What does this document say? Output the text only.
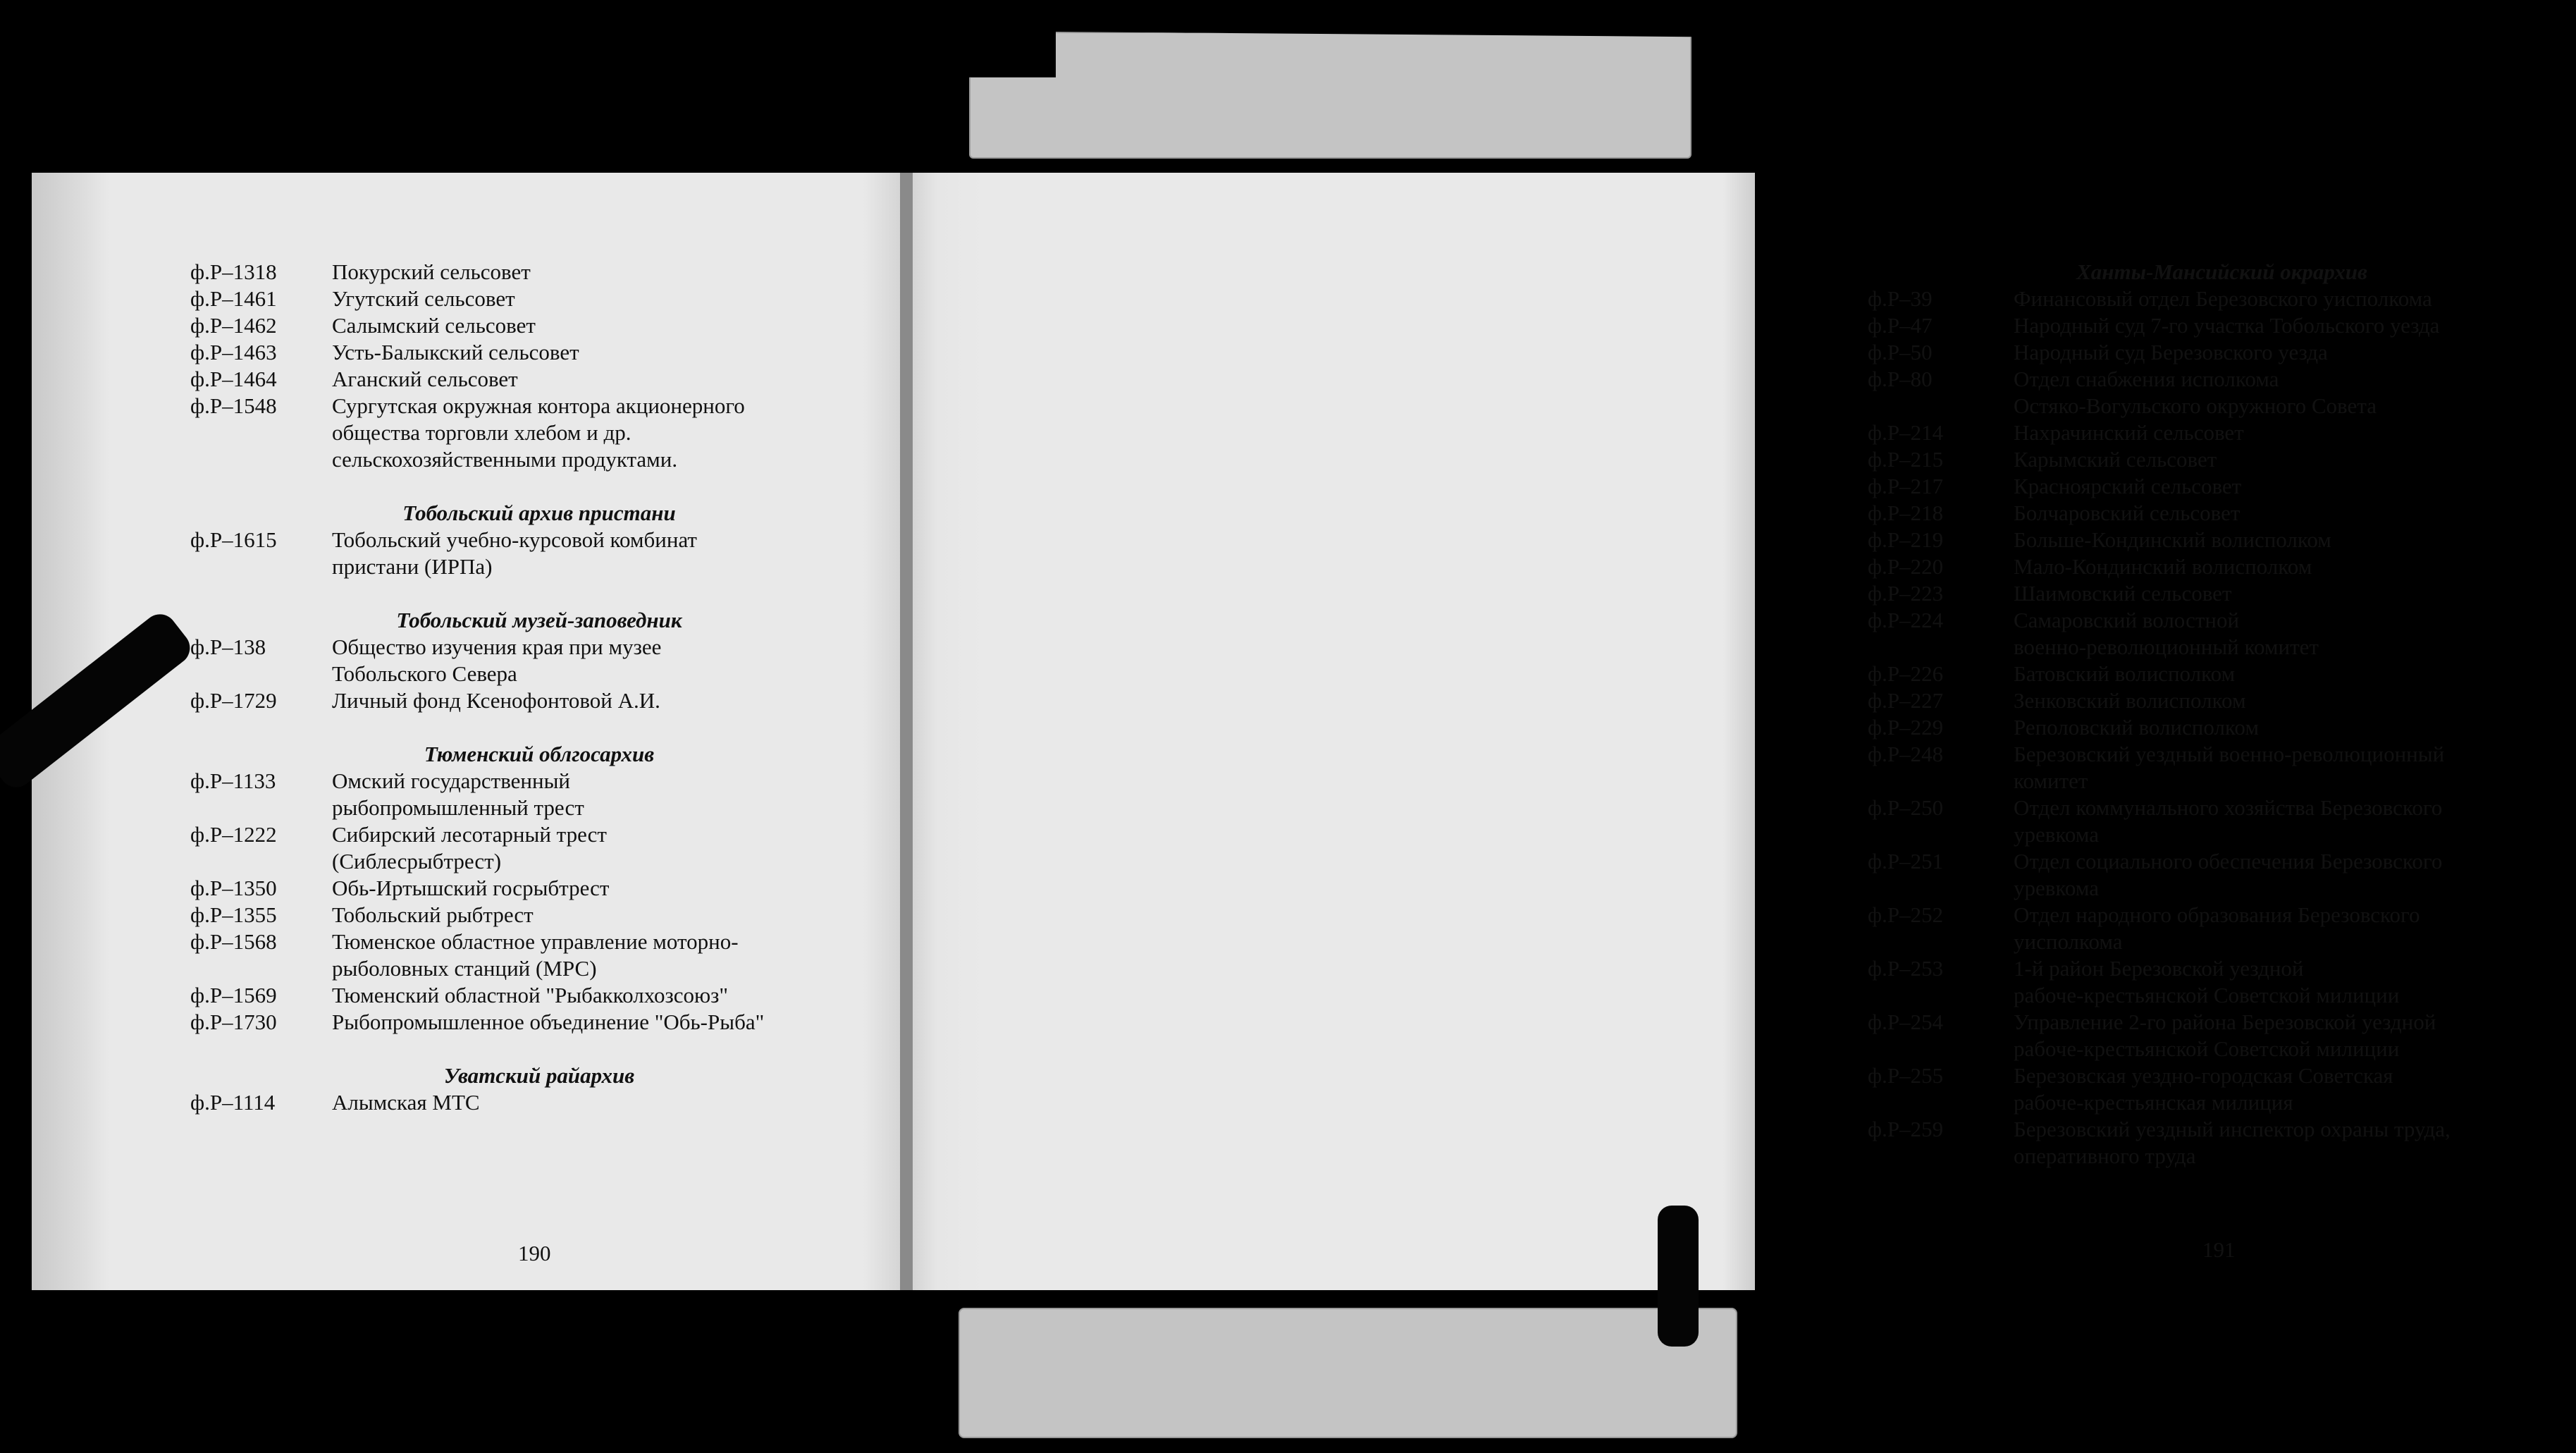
ф.Р–1318	Покурский сельсовет
ф.Р–1461	Угутский сельсовет
ф.Р–1462	Салымский сельсовет
ф.Р–1463	Усть-Балыкский сельсовет
ф.Р–1464	Аганский сельсовет
ф.Р–1548	Сургутская окружная контора акционерного
общества торговли хлебом и др.
сельскохозяйственными продуктами.
Тобольский архив пристани
ф.Р–1615	Тобольский учебно-курсовой комбинат
пристани (ИРПа)
Тобольский музей-заповедник
ф.Р–138	Общество изучения края при музее
Тобольского Севера
ф.Р–1729	Личный фонд Ксенофонтовой А.И.
Тюменский облгосархив
ф.Р–1133	Омский государственный
рыбопромышленный трест
ф.Р–1222	Сибирский лесотарный трест
(Сиблесрыбтрест)
ф.Р–1350	Обь-Иртышский госрыбтрест
ф.Р–1355	Тобольский рыбтрест
ф.Р–1568	Тюменское областное управление моторно-
рыболовных станций (МРС)
ф.Р–1569	Тюменский областной "Рыбакколхозсоюз"
ф.Р–1730	Рыбопромышленное объединение "Обь-Рыба"
Уватский райархив
ф.Р–1114	Алымская МТС
190
Ханты-Мансийский окрархив
ф.Р–39	Финансовый отдел Березовского уисполкома
ф.Р–47	Народный суд 7-го участка Тобольского уезда
ф.Р–50	Народный суд Березовского уезда
ф.Р–80	Отдел снабжения исполкома
Остяко-Вогульского окружного Совета
ф.Р–214	Нахрачинский сельсовет
ф.Р–215	Карымский сельсовет
ф.Р–217	Красноярский сельсовет
ф.Р–218	Болчаровский сельсовет
ф.Р–219	Больше-Кондинский волисполком
ф.Р–220	Мало-Кондинский волисполком
ф.Р–223	Шаимовский сельсовет
ф.Р–224	Самаровский волостной
военно-революционный комитет
ф.Р–226	Батовский волисполком
ф.Р–227	Зенковский волисполком
ф.Р–229	Реполовский волисполком
ф.Р–248	Березовский уездный военно-революционный
комитет
ф.Р–250	Отдел коммунального хозяйства Березовского
уревкома
ф.Р–251	Отдел социального обеспечения Березовского
уревкома
ф.Р–252	Отдел народного образования Березовского
уисполкома
ф.Р–253	1-й район Березовской уездной
рабоче-крестьянской Советской милиции
ф.Р–254	Управление 2-го района Березовской уездной
рабоче-крестьянской Советской милиции
ф.Р–255	Березовская уездно-городская Советская
рабоче-крестьянская милиция
ф.Р–259	Березовский уездный инспектор охраны труда,
оперативного труда
191
